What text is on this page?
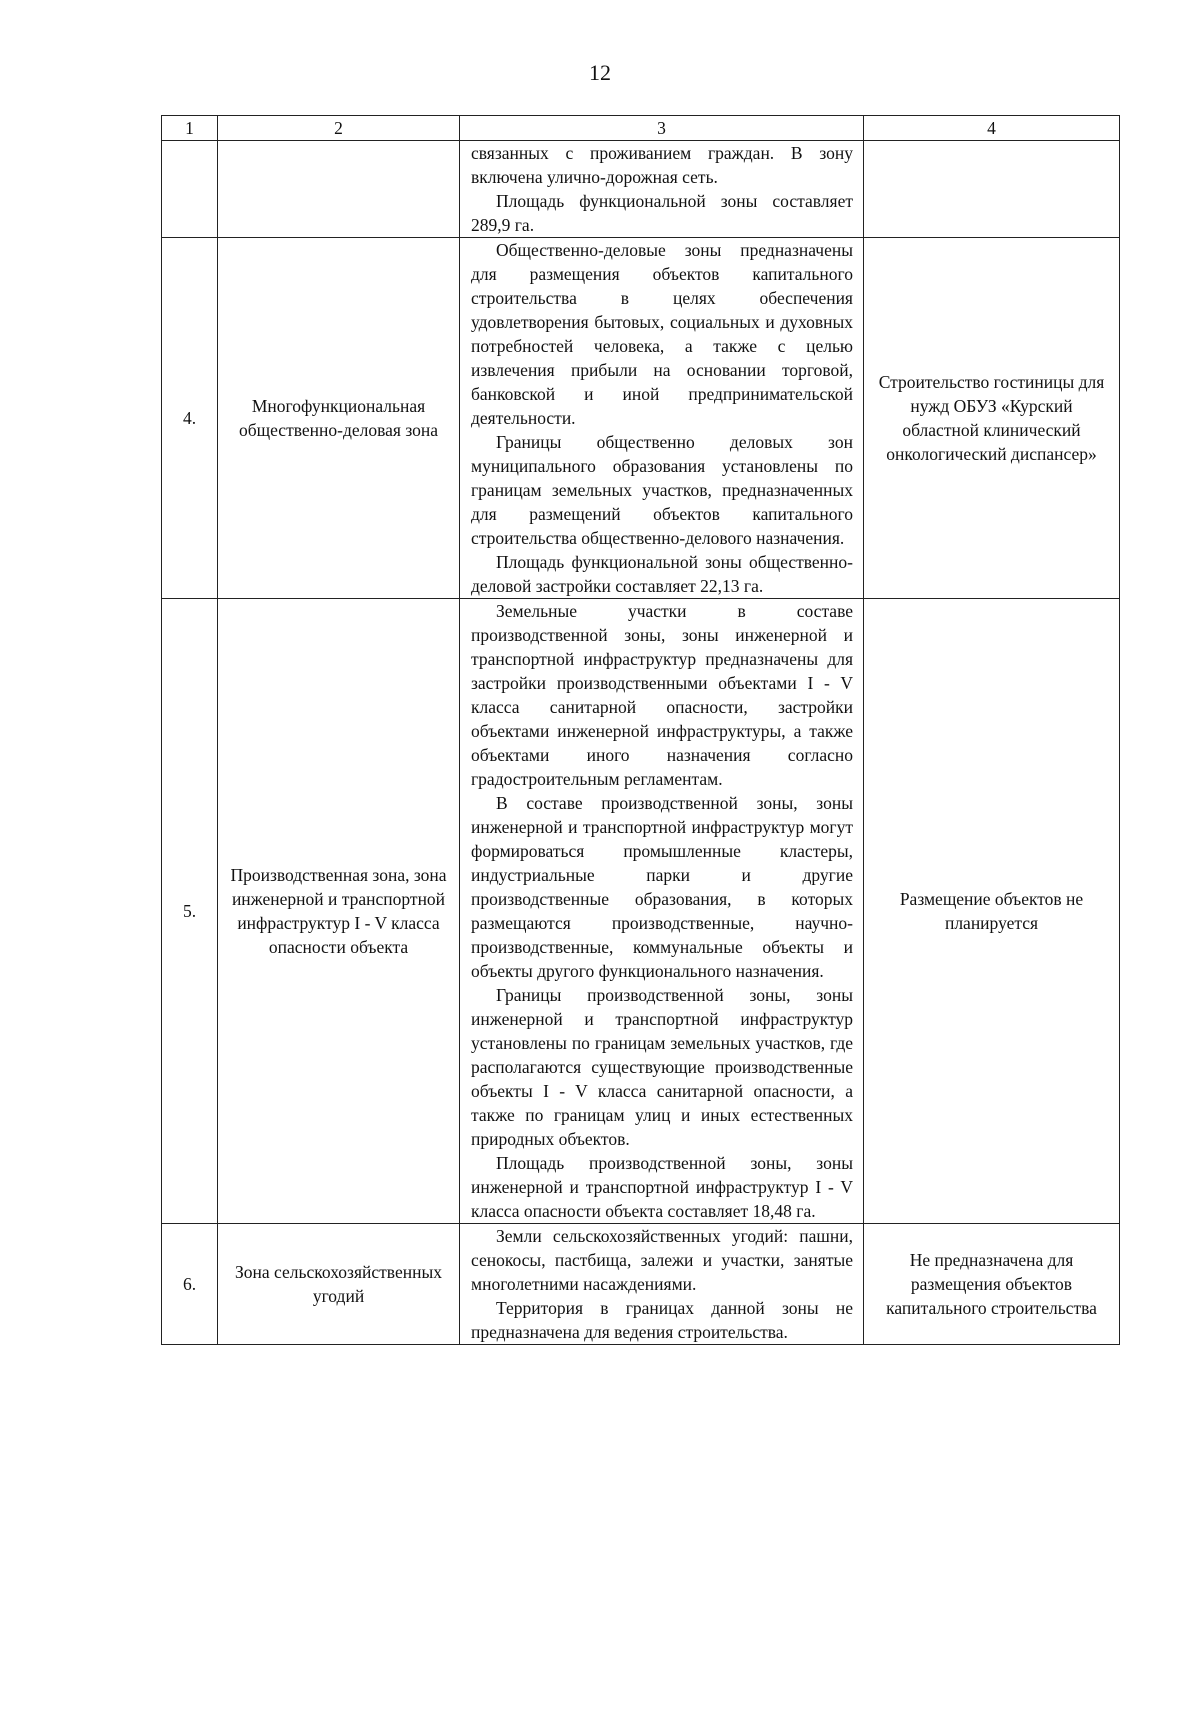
12
1	2	3	4

		связанных с проживанием граждан. В зону включена улично-дорожная сеть.

Площадь функциональной зоны составляет 289,9 га.	

4.	Многофункциональная общественно-деловая зона	Общественно-деловые зоны предназначены для размещения объектов капитального строительства в целях обеспечения удовлетворения бытовых, социальных и духовных потребностей человека, а также с целью извлечения прибыли на основании торговой, банковской и иной предпринимательской деятельности.

Границы общественно деловых зон муниципального образования установлены по границам земельных участков, предназначенных для размещений объектов капитального строительства общественно-делового назначения.

Площадь функциональной зоны общественно-деловой застройки составляет 22,13 га.	Строительство гостиницы для нужд ОБУЗ «Курский областной клинический онкологический диспансер»
5.	Производственная зона, зона инженерной и транспортной инфраструктур I - V класса опасности объекта	Земельные участки в составе производственной зоны, зоны инженерной и транспортной инфраструктур предназначены для застройки производственными объектами I - V класса санитарной опасности, застройки объектами инженерной инфраструктуры, а также объектами иного назначения согласно градостроительным регламентам.

В составе производственной зоны, зоны инженерной и транспортной инфраструктур могут формироваться промышленные кластеры, индустриальные парки и другие производственные образования, в которых размещаются производственные, научно-производственные, коммунальные объекты и объекты другого функционального назначения.

Границы производственной зоны, зоны инженерной и транспортной инфраструктур установлены по границам земельных участков, где располагаются существующие производственные объекты I - V класса санитарной опасности, а также по границам улиц и иных естественных природных объектов.

Площадь производственной зоны, зоны инженерной и транспортной инфраструктур I - V класса опасности объекта составляет 18,48 га.	Размещение объектов не планируется
6.	Зона сельскохозяйственных угодий	Земли сельскохозяйственных угодий: пашни, сенокосы, пастбища, залежи и участки, занятые многолетними насаждениями.

Территория в границах данной зоны не предназначена для ведения строительства.	Не предназначена для размещения объектов капитального строительства
